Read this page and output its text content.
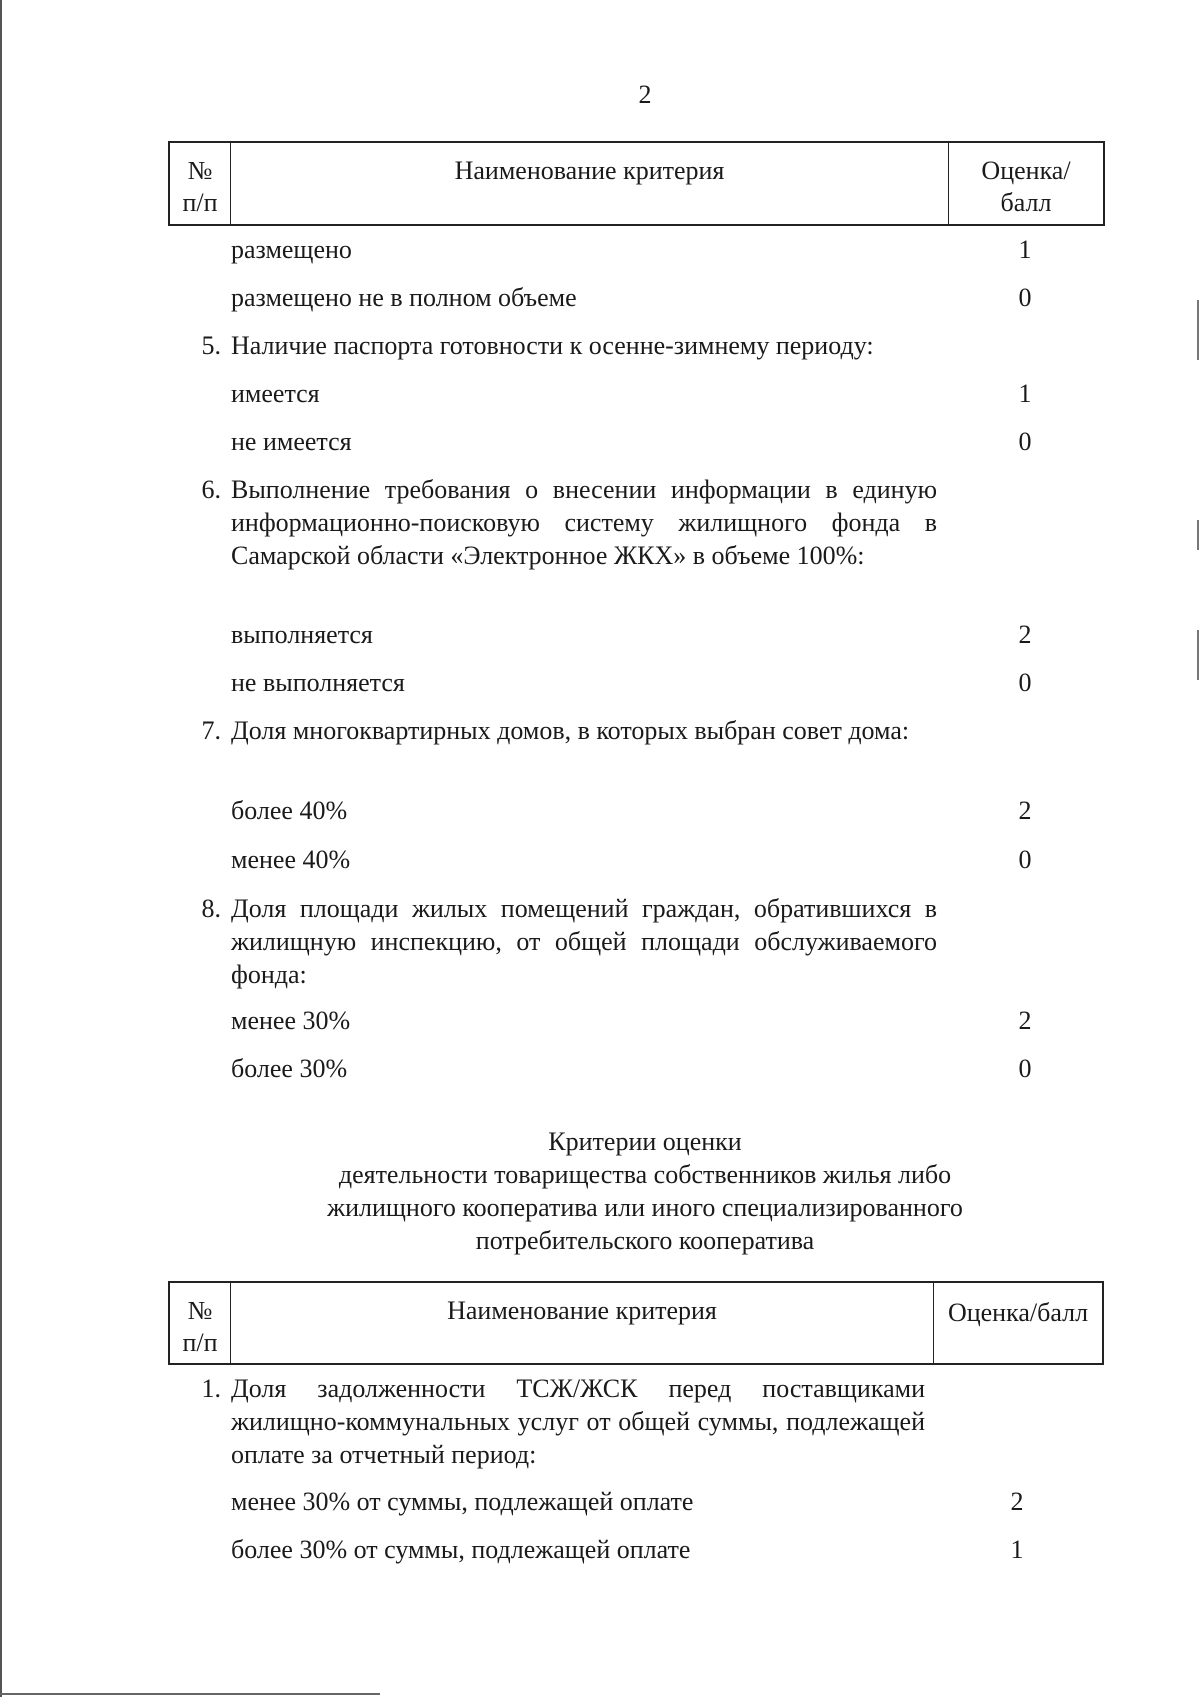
2
№
п/п
Наименование критерия	Оценка/
балл
размещено	1
размещено не в полном объеме	0
5. Наличие паспорта готовности к осенне-зимнему периоду:
имеется	1
не имеется	0
6. Выполнение требования о внесении информации в единую информационно-поисковую систему жилищного фонда в Самарской области «Электронное ЖКХ» в объеме 100%:
выполняется	2
не выполняется	0
7. Доля многоквартирных домов, в которых выбран совет дома:
более 40%	2
менее 40%	0
8. Доля площади жилых помещений граждан, обратившихся в жилищную инспекцию, от общей площади обслуживаемого фонда:
менее 30%	2
более 30%	0
Критерии оценки
деятельности товарищества собственников жилья либо
жилищного кооператива или иного специализированного
потребительского кооператива
№
п/п
Наименование критерия	Оценка/балл
1. Доля задолженности ТСЖ/ЖСК перед поставщиками жилищно-коммунальных услуг от общей суммы, подлежащей оплате за отчетный период:
менее 30% от суммы, подлежащей оплате	2
более 30% от суммы, подлежащей оплате	1
